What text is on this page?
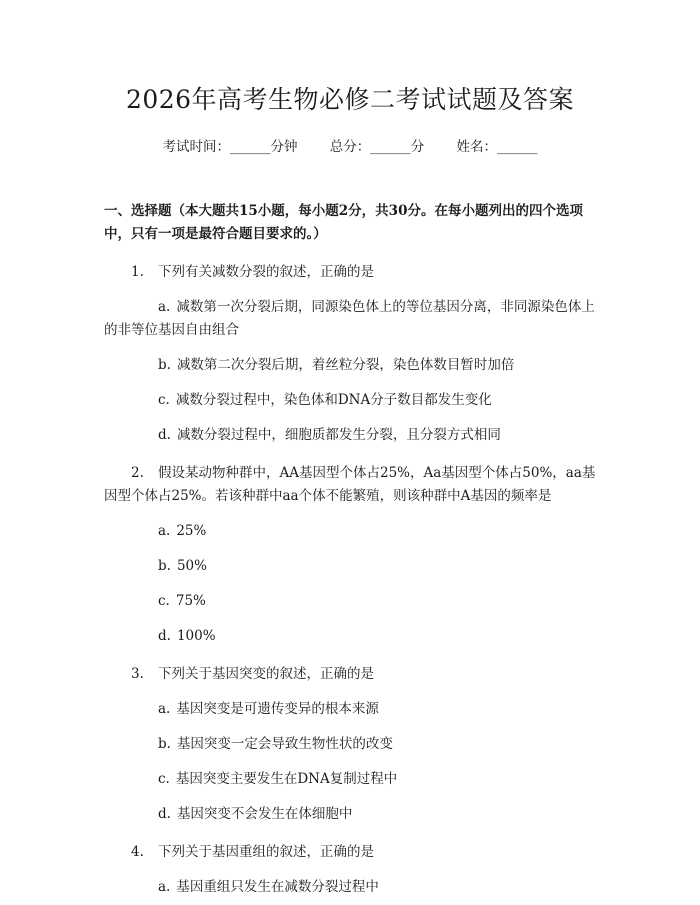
2026年高考生物必修二考试试题及答案
考试时间：______分钟 总分：______分 姓名：______
一、选择题（本大题共15小题，每小题2分，共30分。在每小题列出的四个选项中，只有一项是最符合题目要求的。）
1. 下列有关减数分裂的叙述，正确的是
a. 减数第一次分裂后期，同源染色体上的等位基因分离，非同源染色体上的非等位基因自由组合
b. 减数第二次分裂后期，着丝粒分裂，染色体数目暂时加倍
c. 减数分裂过程中，染色体和DNA分子数目都发生变化
d. 减数分裂过程中，细胞质都发生分裂，且分裂方式相同
2. 假设某动物种群中，AA基因型个体占25%，Aa基因型个体占50%，aa基因型个体占25%。若该种群中aa个体不能繁殖，则该种群中A基因的频率是
a. 25%
b. 50%
c. 75%
d. 100%
3. 下列关于基因突变的叙述，正确的是
a. 基因突变是可遗传变异的根本来源
b. 基因突变一定会导致生物性状的改变
c. 基因突变主要发生在DNA复制过程中
d. 基因突变不会发生在体细胞中
4. 下列关于基因重组的叙述，正确的是
a. 基因重组只发生在减数分裂过程中
